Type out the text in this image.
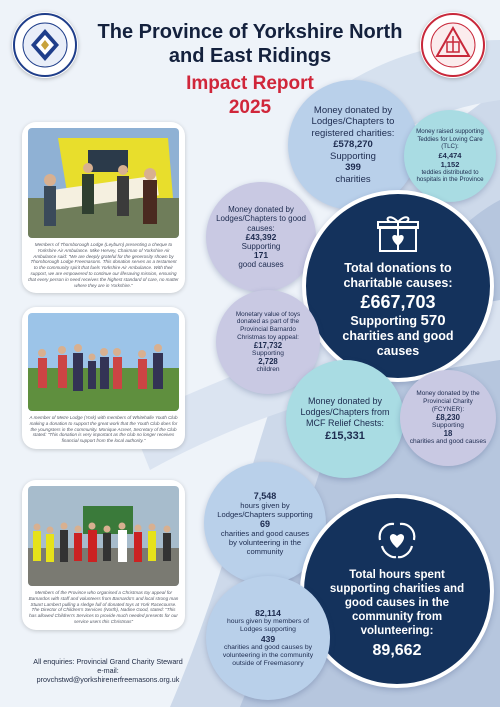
The Province of Yorkshire North and East Ridings
Impact Report
2025
Members of Thornborough Lodge (Leyburn) presenting a cheque to Yorkshire Air Ambulance. Mike Hervey, Chairman of Yorkshire Air Ambulance said: "We are deeply grateful for the generosity shown by Thornborough Lodge Freemasons. This donation serves as a testament to the community spirit that fuels Yorkshire Air Ambulance. With their support, we are empowered to continue our lifesaving mission, ensuring that every person in need receives the highest standard of care, no matter where they are in Yorkshire."
A member of Metre Lodge (York) with members of Whitehalle Youth Club making a donation to support the great work that the Youth Club does for the youngsters in the community. Monique Acreet, Secretary of the Club stated: "This donation is very important as the club no longer receives financial support from the local authority."
Members of the Province who organised a Christmas toy appeal for Barnardos with staff and volunteers from Barnardo's and local strong man Stuart Lambert pulling a sledge full of donated toys at York Racecourse. The Director of Children's Services (North), Nadine Good, stated: "This has allowed Children's Services to provide much needed presents for our service users this Christmas"
Money donated by Lodges/Chapters to registered charities:
£578,270
Supporting
399
charities
Money raised supporting Teddies for Loving Care (TLC):
£4,474
1,152
teddies distributed to hospitals in the Province
Money donated by Lodges/Chapters to good causes:
£43,392
Supporting
171
good causes	Total donations to charitable causes:
£667,703
Supporting 570
charities and good causes
Monetary value of toys donated as part of the Provincial Barnardo Christmas toy appeal:
£17,732
Supporting
2,728
children
Money donated by Lodges/Chapters from MCF Relief Chests:
£15,331
Money donated by the Provincial Charity (FCYNER):
£8,230
Supporting
18
charities and good causes
7,548
hours given by Lodges/Chapters supporting
69
charities and good causes by volunteering in the community
Total hours spent supporting charities and good causes in the community from volunteering:
89,662
82,114
hours given by members of Lodges supporting
439
charities and good causes by volunteering in the community outside of Freemasonry
All enquiries: Provincial Grand Charity Steward
e-mail: provchstwd@yorkshirenerfreemasons.org.uk
